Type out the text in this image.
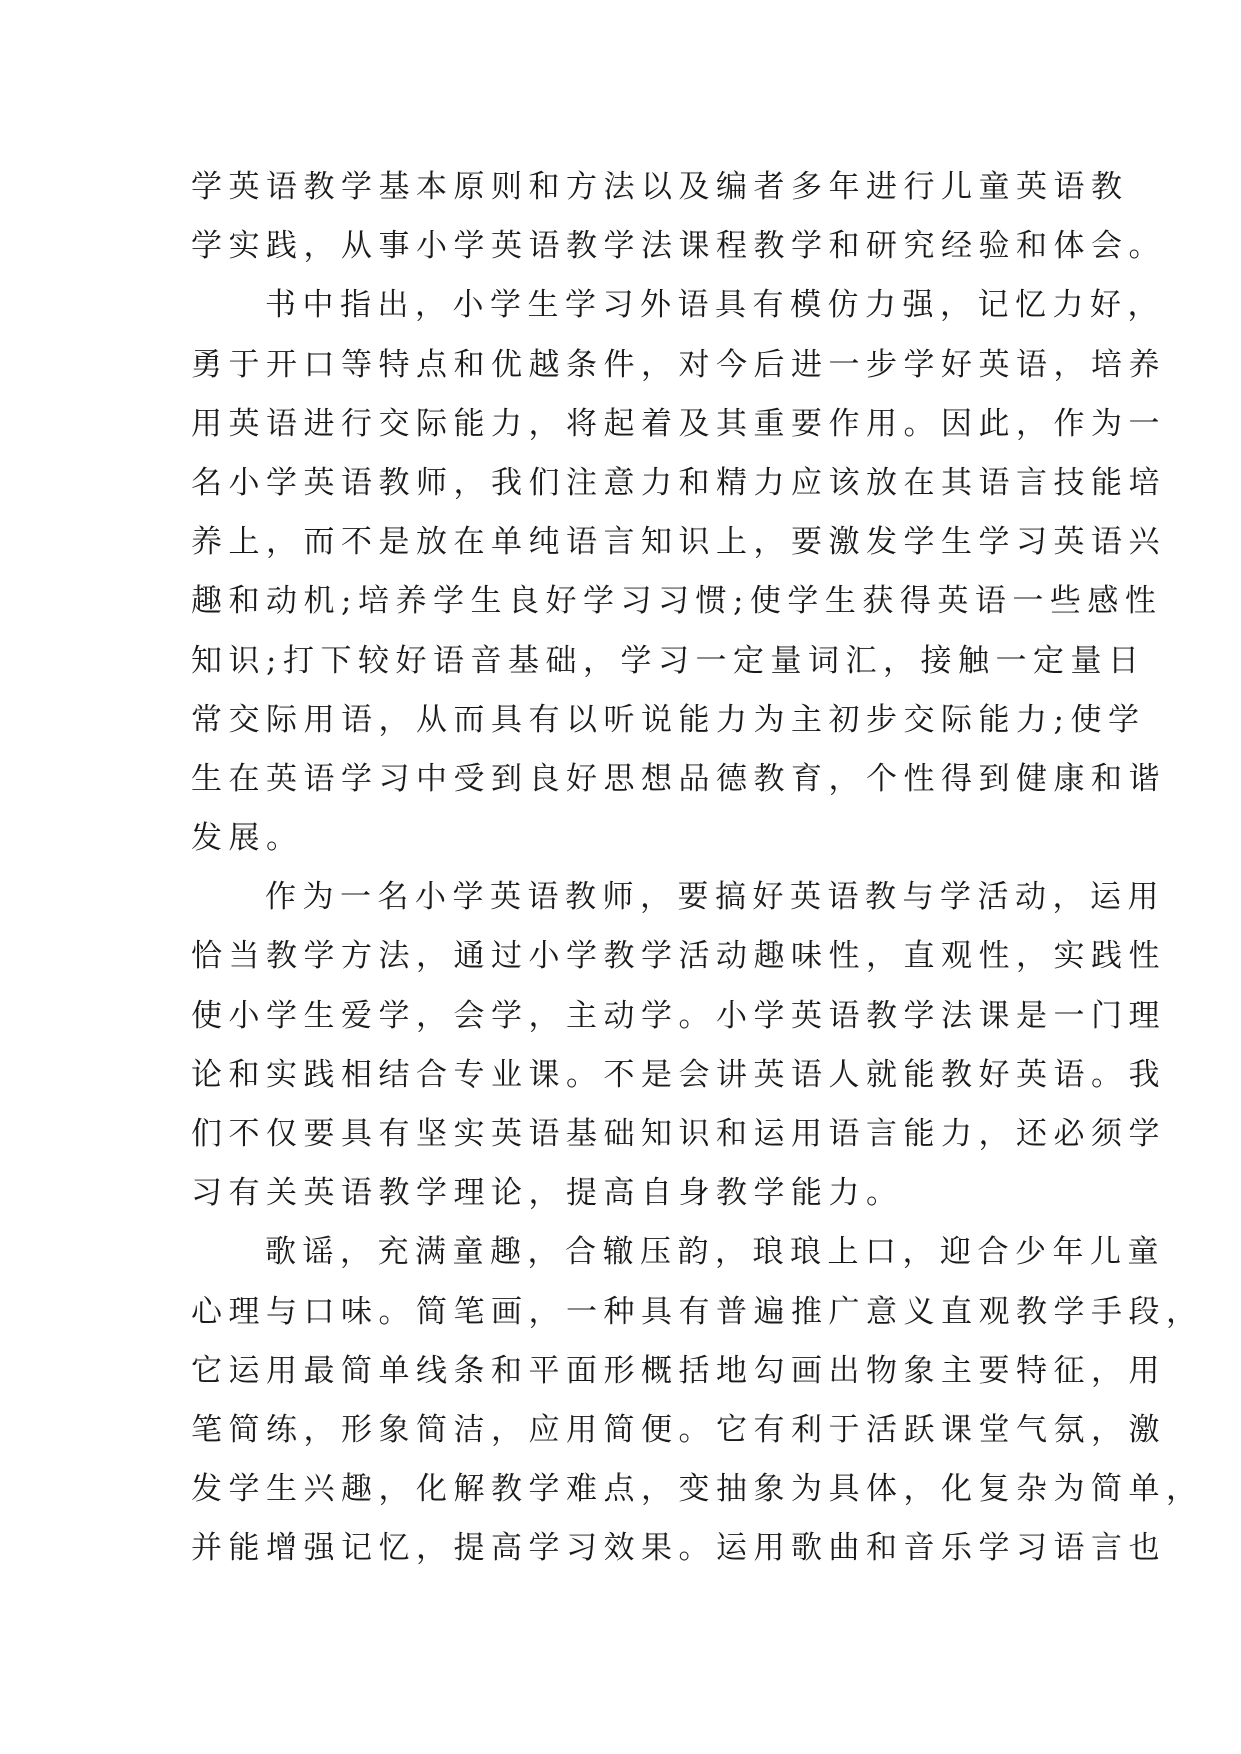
学英语教学基本原则和方法以及编者多年进行儿童英语教
学实践，从事小学英语教学法课程教学和研究经验和体会。
书中指出，小学生学习外语具有模仿力强，记忆力好，
勇于开口等特点和优越条件，对今后进一步学好英语，培养
用英语进行交际能力，将起着及其重要作用。因此，作为一
名小学英语教师，我们注意力和精力应该放在其语言技能培
养上，而不是放在单纯语言知识上，要激发学生学习英语兴
趣和动机;培养学生良好学习习惯;使学生获得英语一些感性
知识;打下较好语音基础，学习一定量词汇，接触一定量日
常交际用语，从而具有以听说能力为主初步交际能力;使学
生在英语学习中受到良好思想品德教育，个性得到健康和谐
发展。
作为一名小学英语教师，要搞好英语教与学活动，运用
恰当教学方法，通过小学教学活动趣味性，直观性，实践性
使小学生爱学，会学，主动学。小学英语教学法课是一门理
论和实践相结合专业课。不是会讲英语人就能教好英语。我
们不仅要具有坚实英语基础知识和运用语言能力，还必须学
习有关英语教学理论，提高自身教学能力。
歌谣，充满童趣，合辙压韵，琅琅上口，迎合少年儿童
心理与口味。简笔画，一种具有普遍推广意义直观教学手段，
它运用最简单线条和平面形概括地勾画出物象主要特征，用
笔简练，形象简洁，应用简便。它有利于活跃课堂气氛，激
发学生兴趣，化解教学难点，变抽象为具体，化复杂为简单，
并能增强记忆，提高学习效果。运用歌曲和音乐学习语言也
